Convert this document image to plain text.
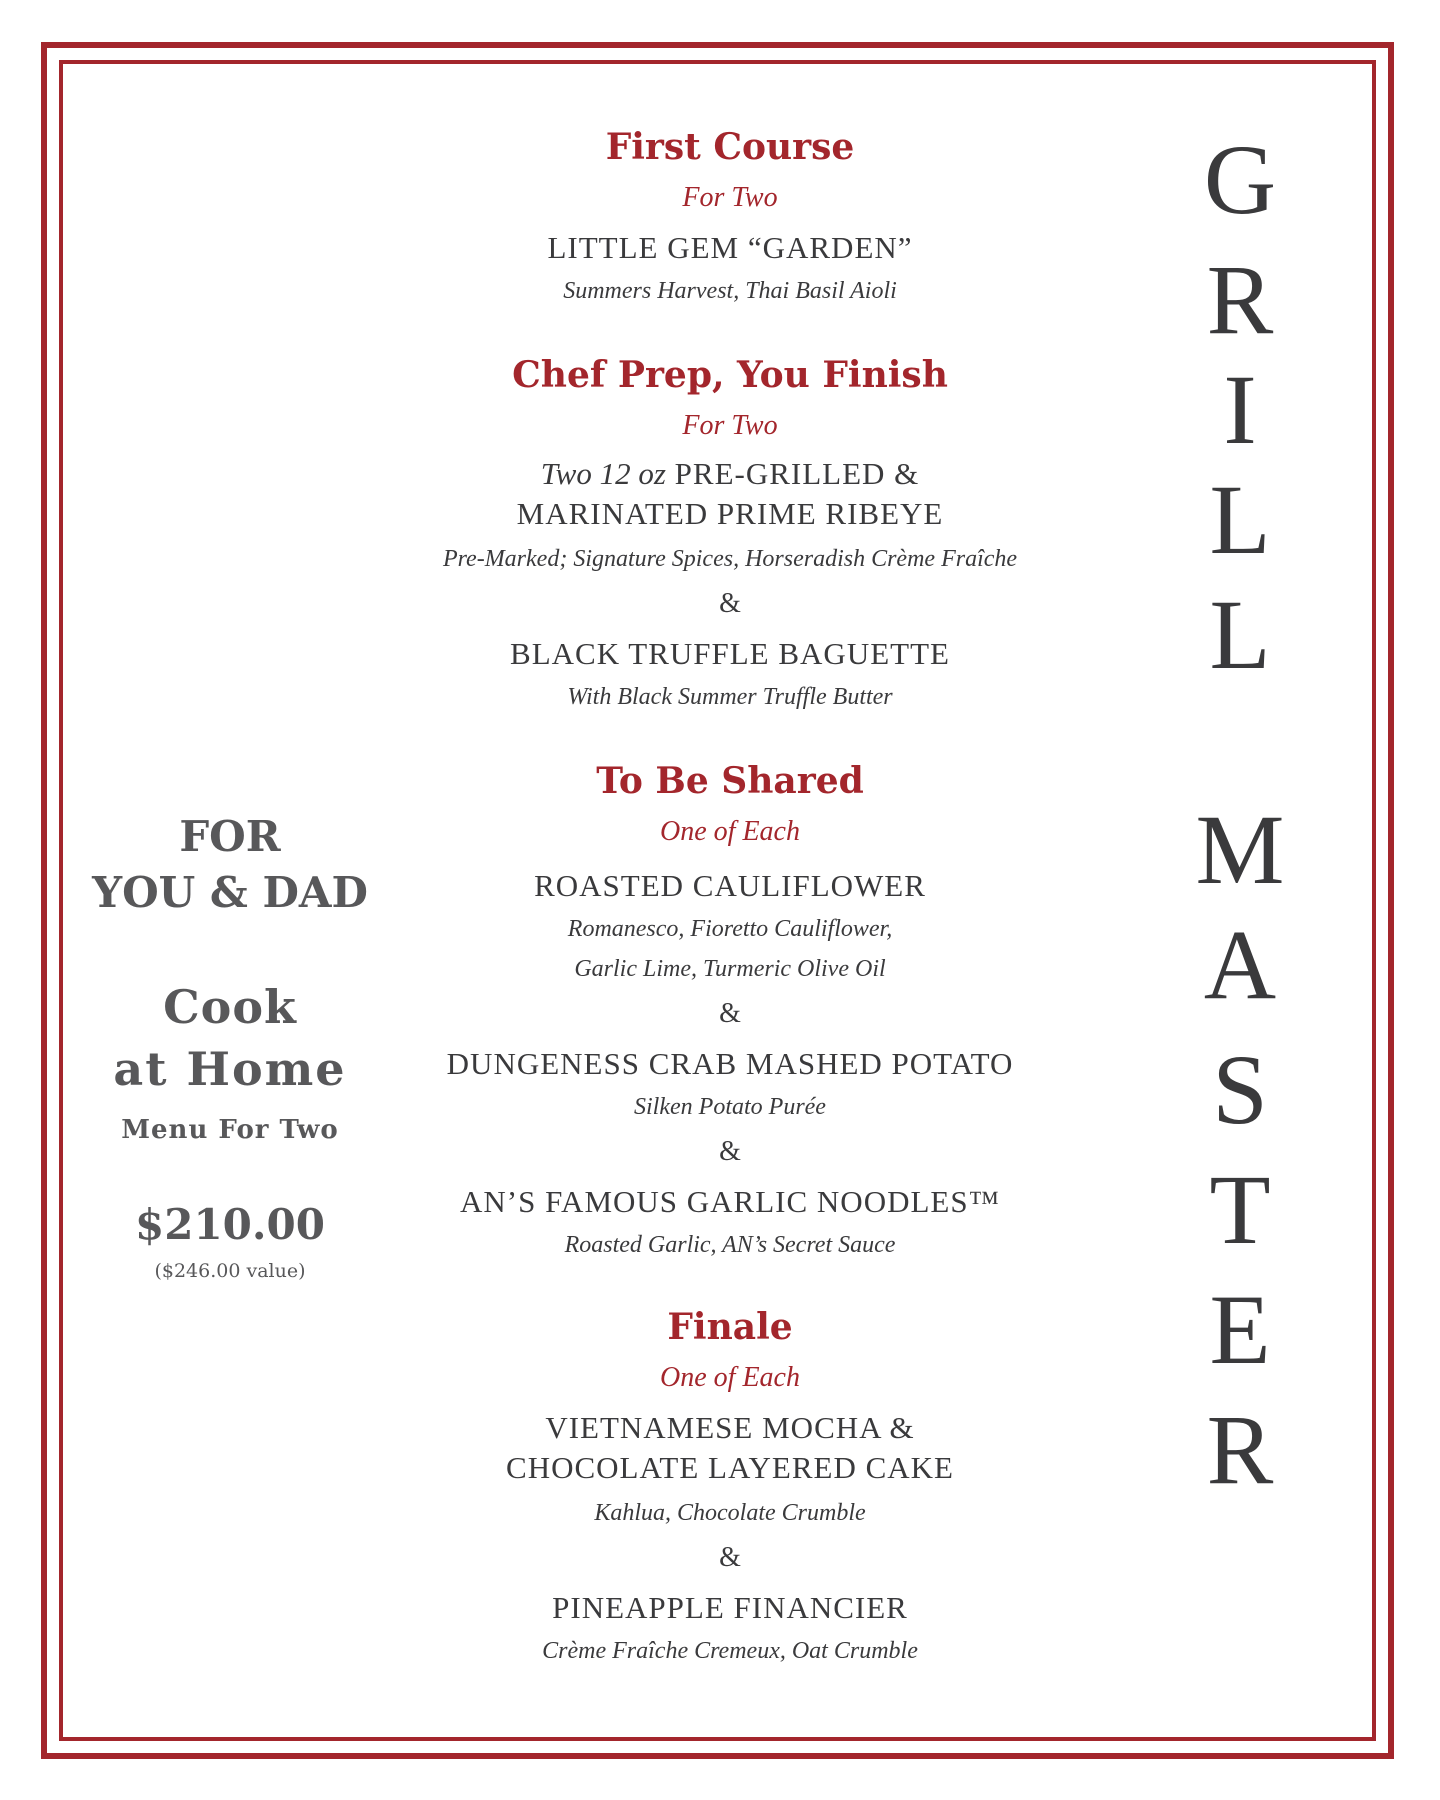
FOR
YOU & DAD
Cook
at Home
Menu For Two
$210.00
($246.00 value)
First Course
For Two
LITTLE GEM “GARDEN”
Summers Harvest, Thai Basil Aioli
Chef Prep, You Finish
For Two
Two 12 oz PRE-GRILLED &
MARINATED PRIME RIBEYE
Pre-Marked; Signature Spices, Horseradish Crème Fraîche
&
BLACK TRUFFLE BAGUETTE
With Black Summer Truffle Butter
To Be Shared
One of Each
ROASTED CAULIFLOWER
Romanesco, Fioretto Cauliflower,
Garlic Lime, Turmeric Olive Oil
&
DUNGENESS CRAB MASHED POTATO
Silken Potato Purée
&
AN’S FAMOUS GARLIC NOODLES™
Roasted Garlic, AN’s Secret Sauce
Finale
One of Each
VIETNAMESE MOCHA &
CHOCOLATE LAYERED CAKE
Kahlua, Chocolate Crumble
&
PINEAPPLE FINANCIER
Crème Fraîche Cremeux, Oat Crumble
G
R
I
L
L
M
A
S
T
E
R
